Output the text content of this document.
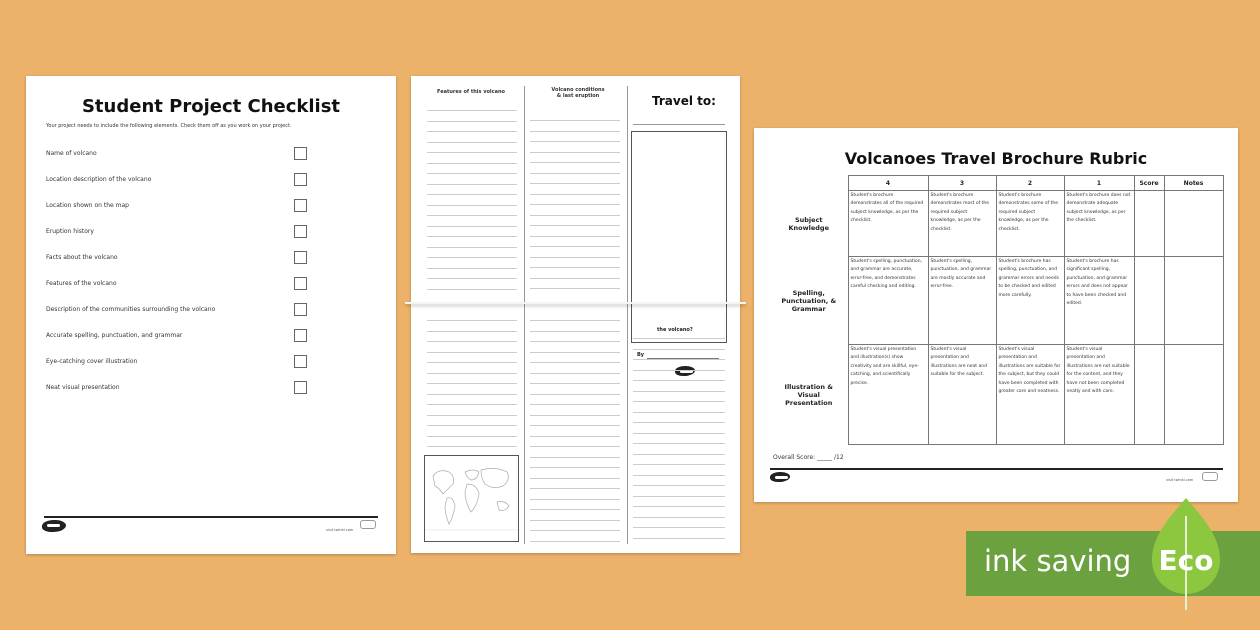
Student Project Checklist
Your project needs to include the following elements. Check them off as you work on your project.
Name of volcano
Location description of the volcano
Location shown on the map
Eruption history
Facts about the volcano
Features of the volcano
Description of the communities surrounding the volcano
Accurate spelling, punctuation, and grammar
Eye-catching cover illustration
Neat visual presentation
visit twinkl.com
Features of this volcano	Volcano conditions
& last eruption	Travel to:
By
the volcano?
Volcanoes Travel Brochure Rubric
	4	3	2	1	Score	Notes
Subject Knowledge	Student's brochure demonstrates all of the required subject knowledge, as per the checklist.	Student's brochure demonstrates most of the required subject knowledge, as per the checklist.	Student's brochure demonstrates some of the required subject knowledge, as per the checklist.	Student's brochure does not demonstrate adequate subject knowledge, as per the checklist.		
Spelling, Punctuation, & Grammar	Student's spelling, punctuation, and grammar are accurate, error-free, and demonstrates careful checking and editing.	Student's spelling, punctuation, and grammar are mostly accurate and error-free.	Student's brochure has spelling, punctuation, and grammar errors and needs to be checked and edited more carefully.	Student's brochure has significant spelling, punctuation, and grammar errors and does not appear to have been checked and edited.		
Illustration & Visual Presentation	Student's visual presentation and illustration(s) show creativity and are skillful, eye-catching, and scientifically precise.	Student's visual presentation and illustrations are neat and suitable for the subject.	Student's visual presentation and illustrations are suitable for the subject, but they could have been completed with greater care and neatness.	Student's visual presentation and illustrations are not suitable for the content, and they have not been completed neatly and with care.		
Overall Score: _____ /12
visit twinkl.com
ink saving Eco
